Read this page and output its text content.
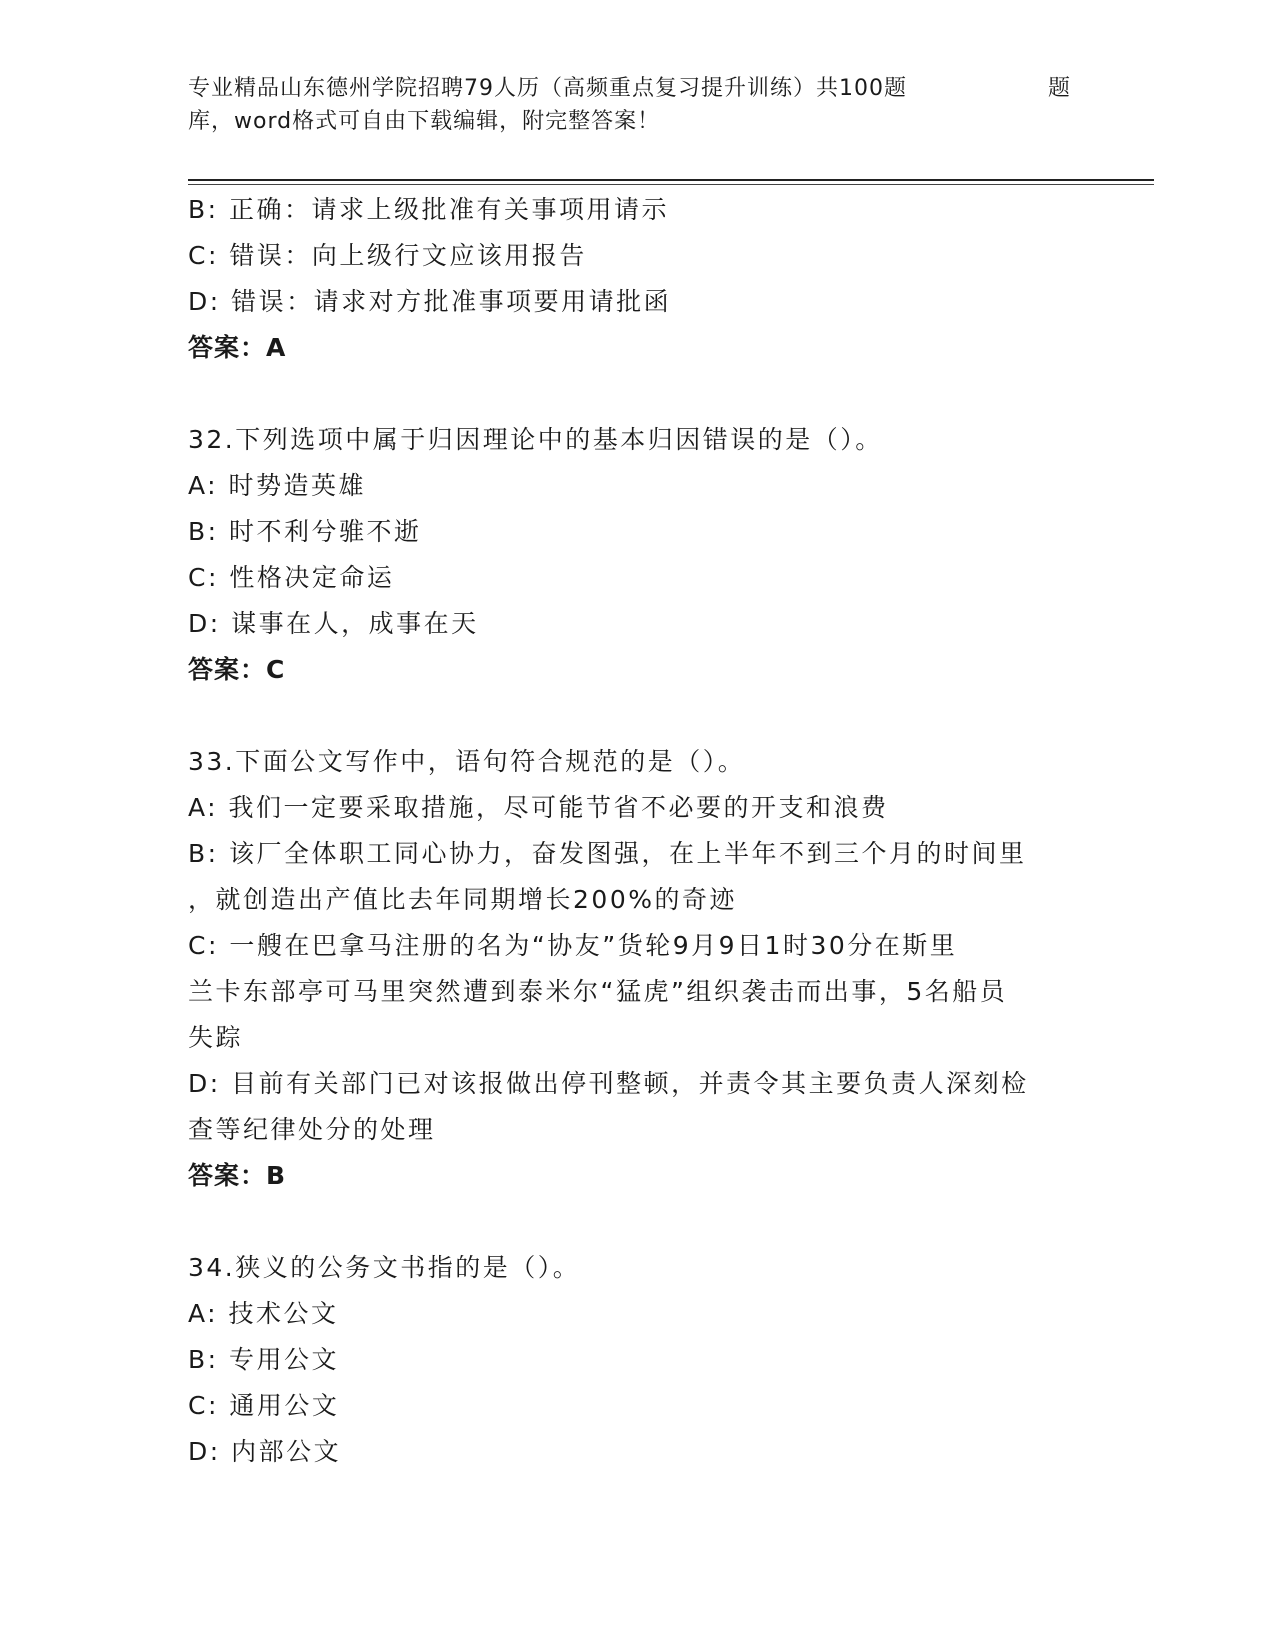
专业精品山东德州学院招聘79人历（高频重点复习提升训练）共100题
库，word格式可自由下载编辑，附完整答案！
题
B: 正确：请求上级批准有关事项用请示
C: 错误：向上级行文应该用报告
D: 错误：请求对方批准事项要用请批函
答案：A
32.下列选项中属于归因理论中的基本归因错误的是（）。
A: 时势造英雄
B: 时不利兮骓不逝
C: 性格决定命运
D: 谋事在人，成事在天
答案：C
33.下面公文写作中，语句符合规范的是（）。
A: 我们一定要采取措施，尽可能节省不必要的开支和浪费
B: 该厂全体职工同心协力，奋发图强，在上半年不到三个月的时间里
，就创造出产值比去年同期增长200%的奇迹
C: 一艘在巴拿马注册的名为“协友”货轮9月9日1时30分在斯里
兰卡东部亭可马里突然遭到泰米尔“猛虎”组织袭击而出事，5名船员
失踪
D: 目前有关部门已对该报做出停刊整顿，并责令其主要负责人深刻检
查等纪律处分的处理
答案：B
34.狭义的公务文书指的是（）。
A: 技术公文
B: 专用公文
C: 通用公文
D: 内部公文
